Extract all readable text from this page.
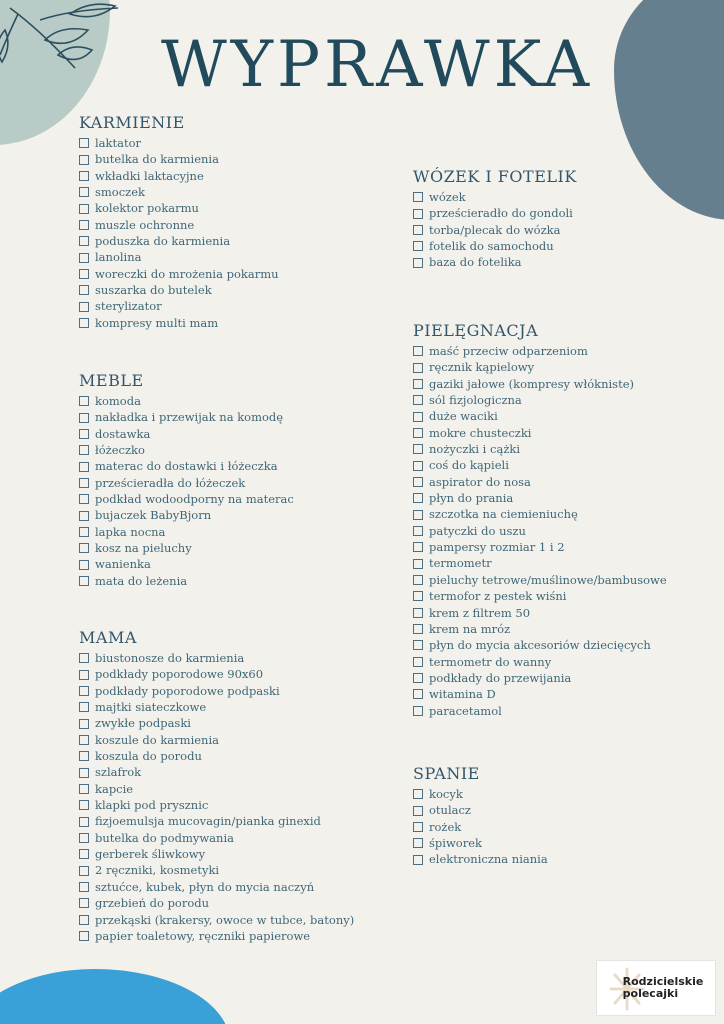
WYPRAWKA
KARMIENIE
laktator
butelka do karmienia
wkładki laktacyjne
smoczek
kolektor pokarmu
muszle ochronne
poduszka do karmienia
lanolina
woreczki do mrożenia pokarmu
suszarka do butelek
sterylizator
kompresy multi mam
MEBLE
komoda
nakładka i przewijak na komodę
dostawka
łóżeczko
materac do dostawki i łóżeczka
prześcieradła do łóżeczek
podkład wodoodporny na materac
bujaczek BabyBjorn
lapka nocna
kosz na pieluchy
wanienka
mata do leżenia
MAMA
biustonosze do karmienia
podkłady poporodowe 90x60
podkłady poporodowe podpaski
majtki siateczkowe
zwykłe podpaski
koszule do karmienia
koszula do porodu
szlafrok
kapcie
klapki pod prysznic
fizjoemulsja mucovagin/pianka ginexid
butelka do podmywania
gerberek śliwkowy
2 ręczniki, kosmetyki
sztućce, kubek, płyn do mycia naczyń
grzebień do porodu
przekąski (krakersy, owoce w tubce, batony)
papier toaletowy, ręczniki papierowe
WÓZEK I FOTELIK
wózek
prześcieradło do gondoli
torba/plecak do wózka
fotelik do samochodu
baza do fotelika
PIELĘGNACJA
maść przeciw odparzeniom
ręcznik kąpielowy
gaziki jałowe (kompresy włókniste)
sól fizjologiczna
duże waciki
mokre chusteczki
nożyczki i cążki
coś do kąpieli
aspirator do nosa
płyn do prania
szczotka na ciemieniuchę
patyczki do uszu
pampersy rozmiar 1 i 2
termometr
pieluchy tetrowe/muślinowe/bambusowe
termofor z pestek wiśni
krem z filtrem 50
krem na mróz
płyn do mycia akcesoriów dziecięcych
termometr do wanny
podkłady do przewijania
witamina D
paracetamol
SPANIE
kocyk
otulacz
rożek
śpiworek
elektroniczna niania
Rodzicielskie
polecajki
